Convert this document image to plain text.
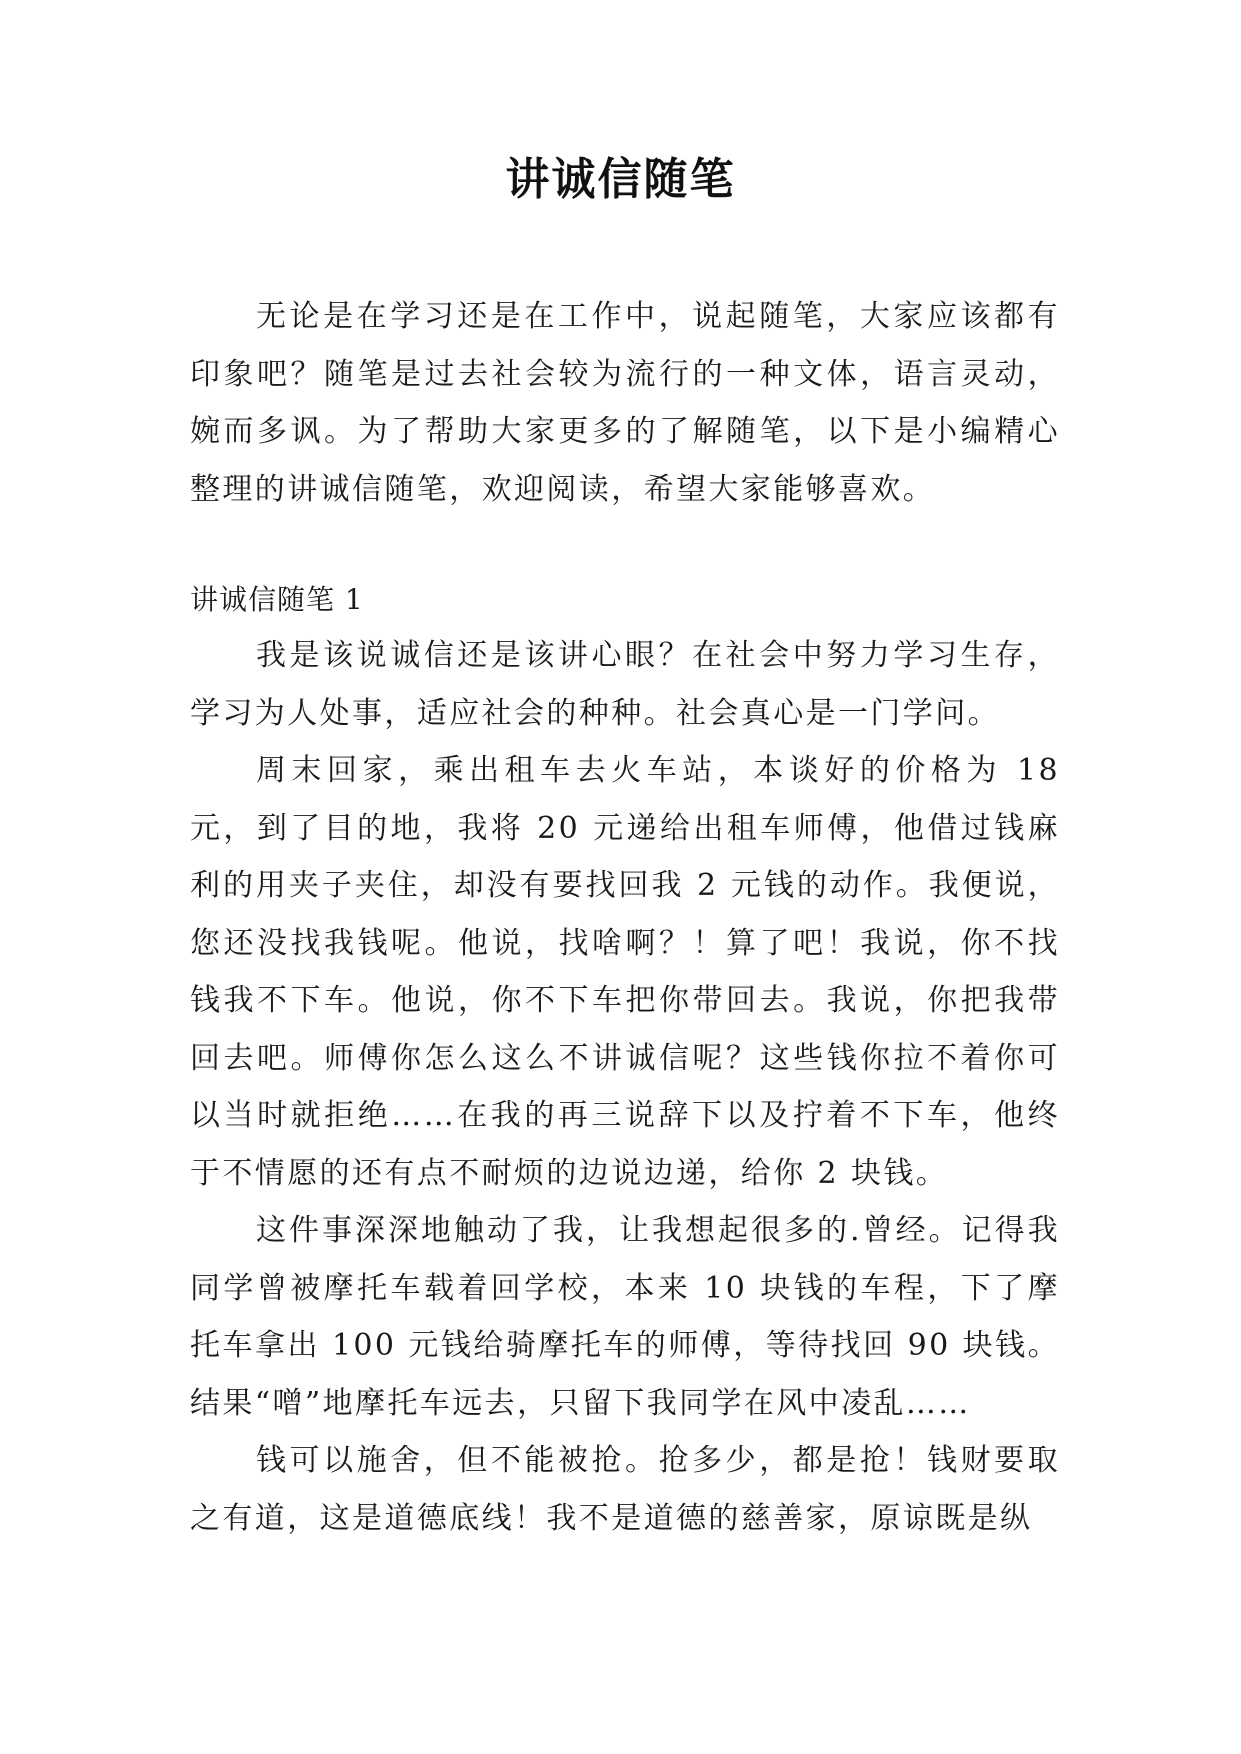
讲诚信随笔

无论是在学习还是在工作中，说起随笔，大家应该都有印象吧？随笔是过去社会较为流行的一种文体，语言灵动，婉而多讽。为了帮助大家更多的了解随笔，以下是小编精心整理的讲诚信随笔，欢迎阅读，希望大家能够喜欢。

讲诚信随笔 1

我是该说诚信还是该讲心眼？在社会中努力学习生存，学习为人处事，适应社会的种种。社会真心是一门学问。

周末回家，乘出租车去火车站，本谈好的价格为 18 元，到了目的地，我将 20 元递给出租车师傅，他借过钱麻利的用夹子夹住，却没有要找回我 2 元钱的动作。我便说，您还没找我钱呢。他说，找啥啊？！算了吧！我说，你不找钱我不下车。他说，你不下车把你带回去。我说，你把我带回去吧。师傅你怎么这么不讲诚信呢？这些钱你拉不着你可以当时就拒绝……在我的再三说辞下以及拧着不下车，他终于不情愿的还有点不耐烦的边说边递，给你 2 块钱。

这件事深深地触动了我，让我想起很多的.曾经。记得我同学曾被摩托车载着回学校，本来 10 块钱的车程，下了摩托车拿出 100 元钱给骑摩托车的师傅，等待找回 90 块钱。结果“噌”地摩托车远去，只留下我同学在风中凌乱……

钱可以施舍，但不能被抢。抢多少，都是抢！钱财要取之有道，这是道德底线！我不是道德的慈善家，原谅既是纵
